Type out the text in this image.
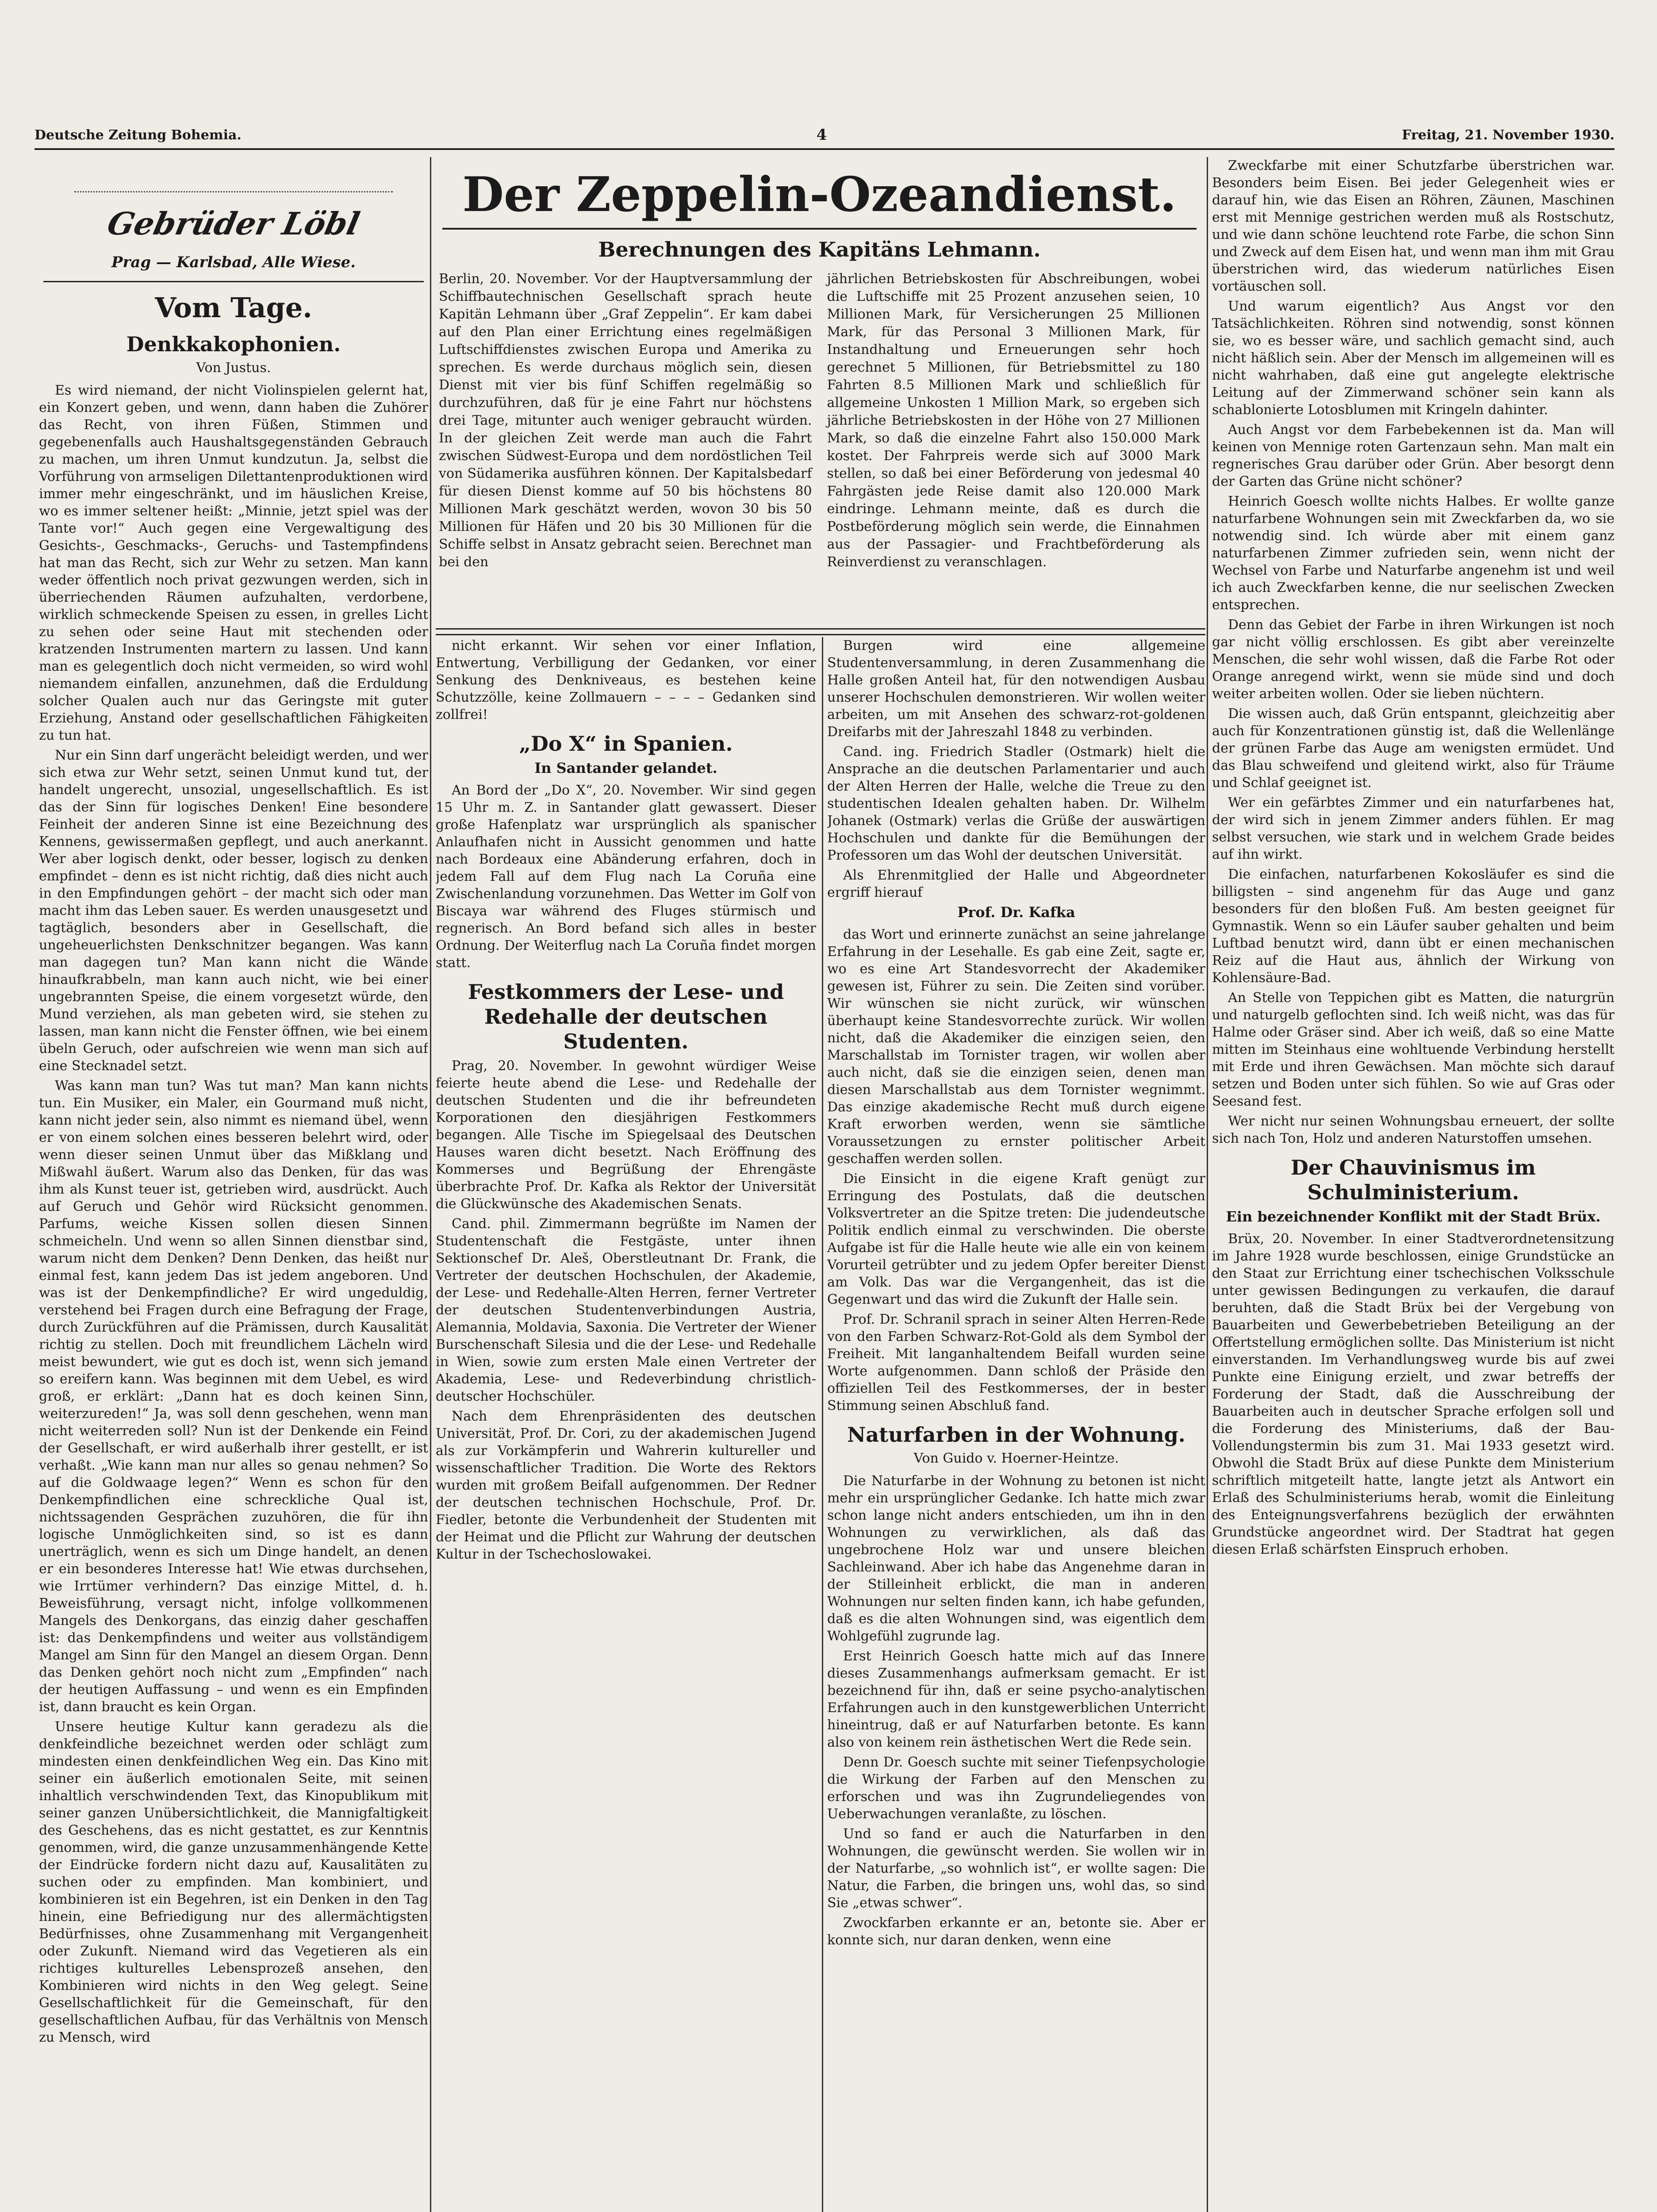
Deutsche Zeitung Bohemia.	4	Freitag, 21. November 1930.
Gebrüder Löbl
Prag — Karlsbad, Alle Wiese.
Vom Tage.
Denkkakophonien.
Von Justus.

Es wird niemand, der nicht Violinspielen gelernt hat, ein Konzert geben, und wenn, dann haben die Zuhörer das Recht, von ihren Füßen, Stimmen und gegebenenfalls auch Haushaltsgegenständen Gebrauch zu machen, um ihren Unmut kundzutun. Ja, selbst die Vorführung von armseligen Dilettantenproduktionen wird immer mehr eingeschränkt, und im häuslichen Kreise, wo es immer seltener heißt: „Minnie, jetzt spiel was der Tante vor!“ Auch gegen eine Vergewaltigung des Gesichts-, Geschmacks-, Geruchs- und Tastempfindens hat man das Recht, sich zur Wehr zu setzen. Man kann weder öffentlich noch privat gezwungen werden, sich in überriechenden Räumen aufzuhalten, verdorbene, wirklich schmeckende Speisen zu essen, in grelles Licht zu sehen oder seine Haut mit stechenden oder kratzenden Instrumenten martern zu lassen. Und kann man es gelegentlich doch nicht vermeiden, so wird wohl niemandem einfallen, anzunehmen, daß die Erduldung solcher Qualen auch nur das Geringste mit guter Erziehung, Anstand oder gesellschaftlichen Fähigkeiten zu tun hat.

Nur ein Sinn darf ungerächt beleidigt werden, und wer sich etwa zur Wehr setzt, seinen Unmut kund tut, der handelt ungerecht, unsozial, ungesellschaftlich. Es ist das der Sinn für logisches Denken! Eine besondere Feinheit der anderen Sinne ist eine Bezeichnung des Kennens, gewissermaßen gepflegt, und auch anerkannt. Wer aber logisch denkt, oder besser, logisch zu denken empfindet – denn es ist nicht richtig, daß dies nicht auch in den Empfindungen gehört – der macht sich oder man macht ihm das Leben sauer. Es werden unausgesetzt und tagtäglich, besonders aber in Gesellschaft, die ungeheuerlichsten Denkschnitzer begangen. Was kann man dagegen tun? Man kann nicht die Wände hinaufkrabbeln, man kann auch nicht, wie bei einer ungebrannten Speise, die einem vorgesetzt würde, den Mund verziehen, als man gebeten wird, sie stehen zu lassen, man kann nicht die Fenster öffnen, wie bei einem übeln Geruch, oder aufschreien wie wenn man sich auf eine Stecknadel setzt.

Was kann man tun? Was tut man? Man kann nichts tun. Ein Musiker, ein Maler, ein Gourmand muß nicht, kann nicht jeder sein, also nimmt es niemand übel, wenn er von einem solchen eines besseren belehrt wird, oder wenn dieser seinen Unmut über das Mißklang und Mißwahl äußert. Warum also das Denken, für das was ihm als Kunst teuer ist, getrieben wird, ausdrückt. Auch auf Geruch und Gehör wird Rücksicht genommen. Parfums, weiche Kissen sollen diesen Sinnen schmeicheln. Und wenn so allen Sinnen dienstbar sind, warum nicht dem Denken? Denn Denken, das heißt nur einmal fest, kann jedem Das ist jedem angeboren. Und was ist der Denkempfindliche? Er wird ungeduldig, verstehend bei Fragen durch eine Befragung der Frage, durch Zurückführen auf die Prämissen, durch Kausalität richtig zu stellen. Doch mit freundlichem Lächeln wird meist bewundert, wie gut es doch ist, wenn sich jemand so ereifern kann. Was beginnen mit dem Uebel, es wird groß, er erklärt: „Dann hat es doch keinen Sinn, weiterzureden!“ Ja, was soll denn geschehen, wenn man nicht weiterreden soll? Nun ist der Denkende ein Feind der Gesellschaft, er wird außerhalb ihrer gestellt, er ist verhaßt. „Wie kann man nur alles so genau nehmen? So auf die Goldwaage legen?“ Wenn es schon für den Denkempfindlichen eine schreckliche Qual ist, nichtssagenden Gesprächen zuzuhören, die für ihn logische Unmöglichkeiten sind, so ist es dann unerträglich, wenn es sich um Dinge handelt, an denen er ein besonderes Interesse hat! Wie etwas durchsehen, wie Irrtümer verhindern? Das einzige Mittel, d. h. Beweisführung, versagt nicht, infolge vollkommenen Mangels des Denkorgans, das einzig daher geschaffen ist: das Denkempfindens und weiter aus vollständigem Mangel am Sinn für den Mangel an diesem Organ. Denn das Denken gehört noch nicht zum „Empfinden“ nach der heutigen Auffassung – und wenn es ein Empfinden ist, dann braucht es kein Organ.

Unsere heutige Kultur kann geradezu als die denkfeindliche bezeichnet werden oder schlägt zum mindesten einen denkfeindlichen Weg ein. Das Kino mit seiner ein äußerlich emotionalen Seite, mit seinen inhaltlich verschwindenden Text, das Kinopublikum mit seiner ganzen Unübersichtlichkeit, die Mannigfaltigkeit des Geschehens, das es nicht gestattet, es zur Kenntnis genommen, wird, die ganze unzusammenhängende Kette der Eindrücke fordern nicht dazu auf, Kausalitäten zu suchen oder zu empfinden. Man kombiniert, und kombinieren ist ein Begehren, ist ein Denken in den Tag hinein, eine Befriedigung nur des allermächtigsten Bedürfnisses, ohne Zusammenhang mit Vergangenheit oder Zukunft. Niemand wird das Vegetieren als ein richtiges kulturelles Lebensprozeß ansehen, den Kombinieren wird nichts in den Weg gelegt. Seine Gesellschaftlichkeit für die Gemeinschaft, für den gesellschaftlichen Aufbau, für das Verhältnis von Mensch zu Mensch, wird

Der Zeppelin-Ozeandienst.
Berechnungen des Kapitäns Lehmann.

Berlin, 20. November. Vor der Hauptversammlung der Schiffbautechnischen Gesellschaft sprach heute Kapitän Lehmann über „Graf Zeppelin“. Er kam dabei auf den Plan einer Errichtung eines regelmäßigen Luftschiffdienstes zwischen Europa und Amerika zu sprechen. Es werde durchaus möglich sein, diesen Dienst mit vier bis fünf Schiffen regelmäßig so durchzuführen, daß für je eine Fahrt nur höchstens drei Tage, mitunter auch weniger gebraucht würden. In der gleichen Zeit werde man auch die Fahrt zwischen Südwest-Europa und dem nordöstlichen Teil von Südamerika ausführen können. Der Kapitalsbedarf für diesen Dienst komme auf 50 bis höchstens 80 Millionen Mark geschätzt werden, wovon 30 bis 50 Millionen für Häfen und 20 bis 30 Millionen für die Schiffe selbst in Ansatz gebracht seien. Berechnet man bei den

jährlichen Betriebskosten für Abschreibungen, wobei die Luftschiffe mit 25 Prozent anzusehen seien, 10 Millionen Mark, für Versicherungen 25 Millionen Mark, für das Personal 3 Millionen Mark, für Instandhaltung und Erneuerungen sehr hoch gerechnet 5 Millionen, für Betriebsmittel zu 180 Fahrten 8.5 Millionen Mark und schließlich für allgemeine Unkosten 1 Million Mark, so ergeben sich jährliche Betriebskosten in der Höhe von 27 Millionen Mark, so daß die einzelne Fahrt also 150.000 Mark kostet. Der Fahrpreis werde sich auf 3000 Mark stellen, so daß bei einer Beförderung von jedesmal 40 Fahrgästen jede Reise damit also 120.000 Mark eindringe. Lehmann meinte, daß es durch die Postbeförderung möglich sein werde, die Einnahmen aus der Passagier- und Frachtbeförderung als Reinverdienst zu veranschlagen.

nicht erkannt. Wir sehen vor einer Inflation, Entwertung, Verbilligung der Gedanken, vor einer Senkung des Denkniveaus, es bestehen keine Schutzzölle, keine Zollmauern – – – – Gedanken sind zollfrei!

„Do X“ in Spanien.
In Santander gelandet.

An Bord der „Do X“, 20. November. Wir sind gegen 15 Uhr m. Z. in Santander glatt gewassert. Dieser große Hafenplatz war ursprünglich als spanischer Anlaufhafen nicht in Aussicht genommen und hatte nach Bordeaux eine Abänderung erfahren, doch in jedem Fall auf dem Flug nach La Coruña eine Zwischenlandung vorzunehmen. Das Wetter im Golf von Biscaya war während des Fluges stürmisch und regnerisch. An Bord befand sich alles in bester Ordnung. Der Weiterflug nach La Coruña findet morgen statt.

Festkommers der Lese- und Redehalle der deutschen Studenten.

Prag, 20. November. In gewohnt würdiger Weise feierte heute abend die Lese- und Redehalle der deutschen Studenten und die ihr befreundeten Korporationen den diesjährigen Festkommers begangen. Alle Tische im Spiegelsaal des Deutschen Hauses waren dicht besetzt. Nach Eröffnung des Kommerses und Begrüßung der Ehrengäste überbrachte Prof. Dr. Kafka als Rektor der Universität die Glückwünsche des Akademischen Senats.

Cand. phil. Zimmermann begrüßte im Namen der Studentenschaft die Festgäste, unter ihnen Sektionschef Dr. Aleš, Oberstleutnant Dr. Frank, die Vertreter der deutschen Hochschulen, der Akademie, der Lese- und Redehalle-Alten Herren, ferner Vertreter der deutschen Studentenverbindungen Austria, Alemannia, Moldavia, Saxonia. Die Vertreter der Wiener Burschenschaft Silesia und die der Lese- und Redehalle in Wien, sowie zum ersten Male einen Vertreter der Akademia, Lese- und Redeverbindung christlich-deutscher Hochschüler.

Nach dem Ehrenpräsidenten des deutschen Universität, Prof. Dr. Cori, zu der akademischen Jugend als zur Vorkämpferin und Wahrerin kultureller und wissenschaftlicher Tradition. Die Worte des Rektors wurden mit großem Beifall aufgenommen. Der Redner der deutschen technischen Hochschule, Prof. Dr. Fiedler, betonte die Verbundenheit der Studenten mit der Heimat und die Pflicht zur Wahrung der deutschen Kultur in der Tschechoslowakei.

Burgen wird eine allgemeine Studentenversammlung, in deren Zusammenhang die Halle großen Anteil hat, für den notwendigen Ausbau unserer Hochschulen demonstrieren. Wir wollen weiter arbeiten, um mit Ansehen des schwarz-rot-goldenen Dreifarbs mit der Jahreszahl 1848 zu verbinden.

Cand. ing. Friedrich Stadler (Ostmark) hielt die Ansprache an die deutschen Parlamentarier und auch der Alten Herren der Halle, welche die Treue zu den studentischen Idealen gehalten haben. Dr. Wilhelm Johanek (Ostmark) verlas die Grüße der auswärtigen Hochschulen und dankte für die Bemühungen der Professoren um das Wohl der deutschen Universität.

Als Ehrenmitglied der Halle und Abgeordneter ergriff hierauf

Prof. Dr. Kafka

das Wort und erinnerte zunächst an seine jahrelange Erfahrung in der Lesehalle. Es gab eine Zeit, sagte er, wo es eine Art Standesvorrecht der Akademiker gewesen ist, Führer zu sein. Die Zeiten sind vorüber. Wir wünschen sie nicht zurück, wir wünschen überhaupt keine Standesvorrechte zurück. Wir wollen nicht, daß die Akademiker die einzigen seien, den Marschallstab im Tornister tragen, wir wollen aber auch nicht, daß sie die einzigen seien, denen man diesen Marschallstab aus dem Tornister wegnimmt. Das einzige akademische Recht muß durch eigene Kraft erworben werden, wenn sie sämtliche Voraussetzungen zu ernster politischer Arbeit geschaffen werden sollen.

Die Einsicht in die eigene Kraft genügt zur Erringung des Postulats, daß die deutschen Volksvertreter an die Spitze treten: Die judendeutsche Politik endlich einmal zu verschwinden. Die oberste Aufgabe ist für die Halle heute wie alle ein von keinem Vorurteil getrübter und zu jedem Opfer bereiter Dienst am Volk. Das war die Vergangenheit, das ist die Gegenwart und das wird die Zukunft der Halle sein.

Prof. Dr. Schranil sprach in seiner Alten Herren-Rede von den Farben Schwarz-Rot-Gold als dem Symbol der Freiheit. Mit langanhaltendem Beifall wurden seine Worte aufgenommen. Dann schloß der Präside den offiziellen Teil des Festkommerses, der in bester Stimmung seinen Abschluß fand.

Naturfarben in der Wohnung.
Von Guido v. Hoerner-Heintze.

Die Naturfarbe in der Wohnung zu betonen ist nicht mehr ein ursprünglicher Gedanke. Ich hatte mich zwar schon lange nicht anders entschieden, um ihn in den Wohnungen zu verwirklichen, als daß das ungebrochene Holz war und unsere bleichen Sachleinwand. Aber ich habe das Angenehme daran in der Stilleinheit erblickt, die man in anderen Wohnungen nur selten finden kann, ich habe gefunden, daß es die alten Wohnungen sind, was eigentlich dem Wohlgefühl zugrunde lag.

Erst Heinrich Goesch hatte mich auf das Innere dieses Zusammenhangs aufmerksam gemacht. Er ist bezeichnend für ihn, daß er seine psycho-analytischen Erfahrungen auch in den kunstgewerblichen Unterricht hineintrug, daß er auf Naturfarben betonte. Es kann also von keinem rein ästhetischen Wert die Rede sein.

Denn Dr. Goesch suchte mit seiner Tiefenpsychologie die Wirkung der Farben auf den Menschen zu erforschen und was ihn Zugrundeliegendes von Ueberwachungen veranlaßte, zu löschen.

Und so fand er auch die Naturfarben in den Wohnungen, die gewünscht werden. Sie wollen wir in der Naturfarbe, „so wohnlich ist“, er wollte sagen: Die Natur, die Farben, die bringen uns, wohl das, so sind Sie „etwas schwer“.

Zwockfarben erkannte er an, betonte sie. Aber er konnte sich, nur daran denken, wenn eine

Zweckfarbe mit einer Schutzfarbe überstrichen war. Besonders beim Eisen. Bei jeder Gelegenheit wies er darauf hin, wie das Eisen an Röhren, Zäunen, Maschinen erst mit Mennige gestrichen werden muß als Rostschutz, und wie dann schöne leuchtend rote Farbe, die schon Sinn und Zweck auf dem Eisen hat, und wenn man ihm mit Grau überstrichen wird, das wiederum natürliches Eisen vortäuschen soll.

Und warum eigentlich? Aus Angst vor den Tatsächlichkeiten. Röhren sind notwendig, sonst können sie, wo es besser wäre, und sachlich gemacht sind, auch nicht häßlich sein. Aber der Mensch im allgemeinen will es nicht wahrhaben, daß eine gut angelegte elektrische Leitung auf der Zimmerwand schöner sein kann als schablonierte Lotosblumen mit Kringeln dahinter.

Auch Angst vor dem Farbebekennen ist da. Man will keinen von Mennige roten Gartenzaun sehn. Man malt ein regnerisches Grau darüber oder Grün. Aber besorgt denn der Garten das Grüne nicht schöner?

Heinrich Goesch wollte nichts Halbes. Er wollte ganze naturfarbene Wohnungen sein mit Zweckfarben da, wo sie notwendig sind. Ich würde aber mit einem ganz naturfarbenen Zimmer zufrieden sein, wenn nicht der Wechsel von Farbe und Naturfarbe angenehm ist und weil ich auch Zweckfarben kenne, die nur seelischen Zwecken entsprechen.

Denn das Gebiet der Farbe in ihren Wirkungen ist noch gar nicht völlig erschlossen. Es gibt aber vereinzelte Menschen, die sehr wohl wissen, daß die Farbe Rot oder Orange anregend wirkt, wenn sie müde sind und doch weiter arbeiten wollen. Oder sie lieben nüchtern.

Die wissen auch, daß Grün entspannt, gleichzeitig aber auch für Konzentrationen günstig ist, daß die Wellenlänge der grünen Farbe das Auge am wenigsten ermüdet. Und das Blau schweifend und gleitend wirkt, also für Träume und Schlaf geeignet ist.

Wer ein gefärbtes Zimmer und ein naturfarbenes hat, der wird sich in jenem Zimmer anders fühlen. Er mag selbst versuchen, wie stark und in welchem Grade beides auf ihn wirkt.

Die einfachen, naturfarbenen Kokosläufer es sind die billigsten – sind angenehm für das Auge und ganz besonders für den bloßen Fuß. Am besten geeignet für Gymnastik. Wenn so ein Läufer sauber gehalten und beim Luftbad benutzt wird, dann übt er einen mechanischen Reiz auf die Haut aus, ähnlich der Wirkung von Kohlensäure-Bad.

An Stelle von Teppichen gibt es Matten, die naturgrün und naturgelb geflochten sind. Ich weiß nicht, was das für Halme oder Gräser sind. Aber ich weiß, daß so eine Matte mitten im Steinhaus eine wohltuende Verbindung herstellt mit Erde und ihren Gewächsen. Man möchte sich darauf setzen und Boden unter sich fühlen. So wie auf Gras oder Seesand fest.

Wer nicht nur seinen Wohnungsbau erneuert, der sollte sich nach Ton, Holz und anderen Naturstoffen umsehen.

Der Chauvinismus im Schulministerium.
Ein bezeichnender Konflikt mit der Stadt Brüx.

Brüx, 20. November. In einer Stadtverordnetensitzung im Jahre 1928 wurde beschlossen, einige Grundstücke an den Staat zur Errichtung einer tschechischen Volksschule unter gewissen Bedingungen zu verkaufen, die darauf beruhten, daß die Stadt Brüx bei der Vergebung von Bauarbeiten und Gewerbebetrieben Beteiligung an der Offertstellung ermöglichen sollte. Das Ministerium ist nicht einverstanden. Im Verhandlungsweg wurde bis auf zwei Punkte eine Einigung erzielt, und zwar betreffs der Forderung der Stadt, daß die Ausschreibung der Bauarbeiten auch in deutscher Sprache erfolgen soll und die Forderung des Ministeriums, daß der Bau-Vollendungstermin bis zum 31. Mai 1933 gesetzt wird. Obwohl die Stadt Brüx auf diese Punkte dem Ministerium schriftlich mitgeteilt hatte, langte jetzt als Antwort ein Erlaß des Schulministeriums herab, womit die Einleitung des Enteignungsverfahrens bezüglich der erwähnten Grundstücke angeordnet wird. Der Stadtrat hat gegen diesen Erlaß schärfsten Einspruch erhoben.
